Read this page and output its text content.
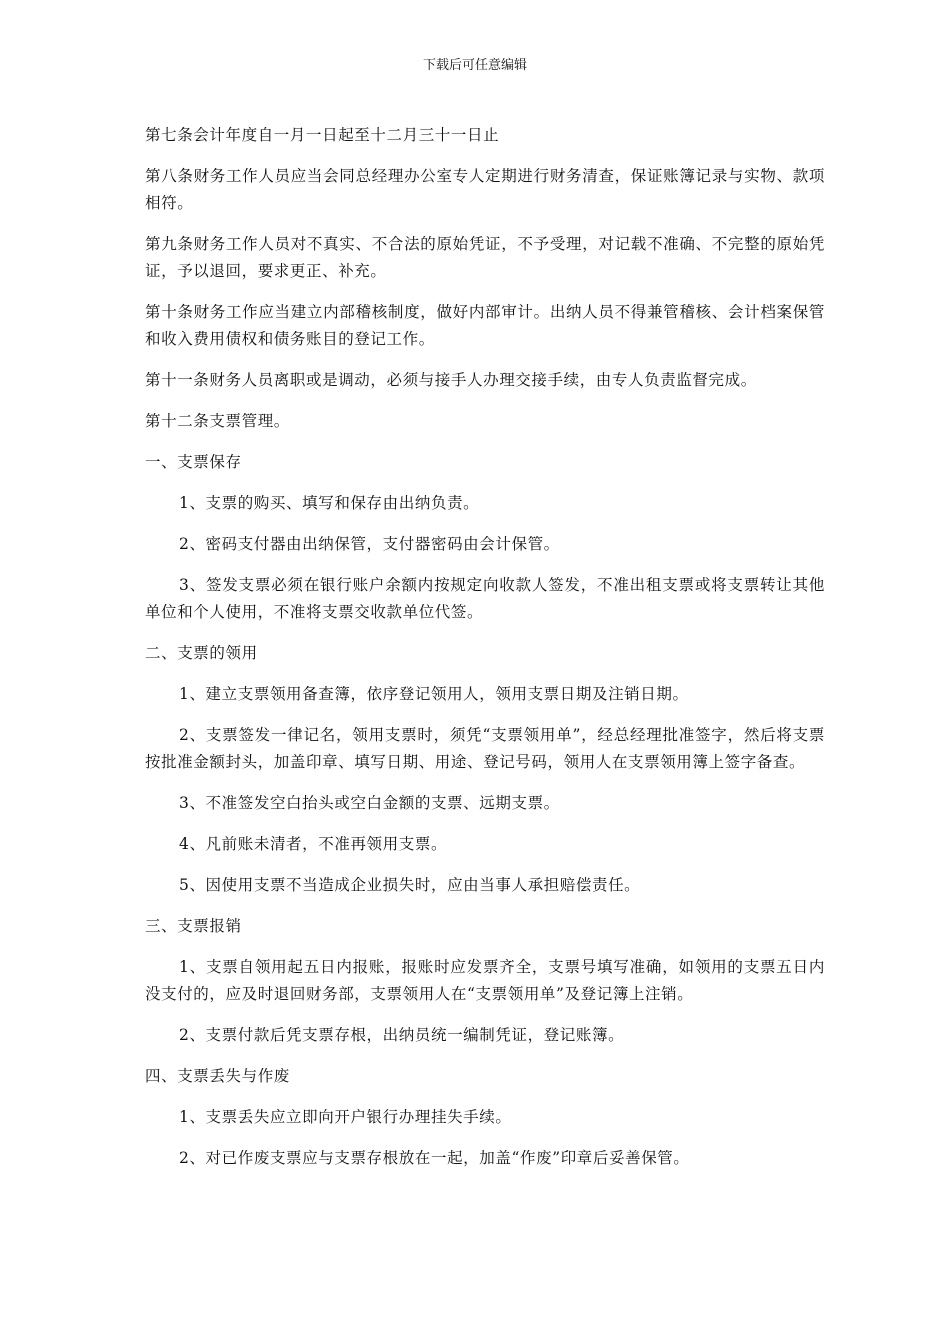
下载后可任意编辑

第七条会计年度自一月一日起至十二月三十一日止

第八条财务工作人员应当会同总经理办公室专人定期进行财务清查，保证账簿记录与实物、款项相符。

第九条财务工作人员对不真实、不合法的原始凭证，不予受理，对记载不准确、不完整的原始凭证，予以退回，要求更正、补充。

第十条财务工作应当建立内部稽核制度，做好内部审计。出纳人员不得兼管稽核、会计档案保管和收入费用债权和债务账目的登记工作。

第十一条财务人员离职或是调动，必须与接手人办理交接手续，由专人负责监督完成。

第十二条支票管理。

一、支票保存

1、支票的购买、填写和保存由出纳负责。

2、密码支付器由出纳保管，支付器密码由会计保管。

3、签发支票必须在银行账户余额内按规定向收款人签发，不准出租支票或将支票转让其他单位和个人使用，不准将支票交收款单位代签。

二、支票的领用

1、建立支票领用备查簿，依序登记领用人，领用支票日期及注销日期。

2、支票签发一律记名，领用支票时，须凭“支票领用单”，经总经理批准签字，然后将支票按批准金额封头，加盖印章、填写日期、用途、登记号码，领用人在支票领用簿上签字备查。

3、不准签发空白抬头或空白金额的支票、远期支票。

4、凡前账未清者，不准再领用支票。

5、因使用支票不当造成企业损失时，应由当事人承担赔偿责任。

三、支票报销

1、支票自领用起五日内报账，报账时应发票齐全，支票号填写准确，如领用的支票五日内没支付的，应及时退回财务部，支票领用人在“支票领用单”及登记簿上注销。

2、支票付款后凭支票存根，出纳员统一编制凭证，登记账簿。

四、支票丢失与作废

1、支票丢失应立即向开户银行办理挂失手续。

2、对已作废支票应与支票存根放在一起，加盖“作废”印章后妥善保管。
